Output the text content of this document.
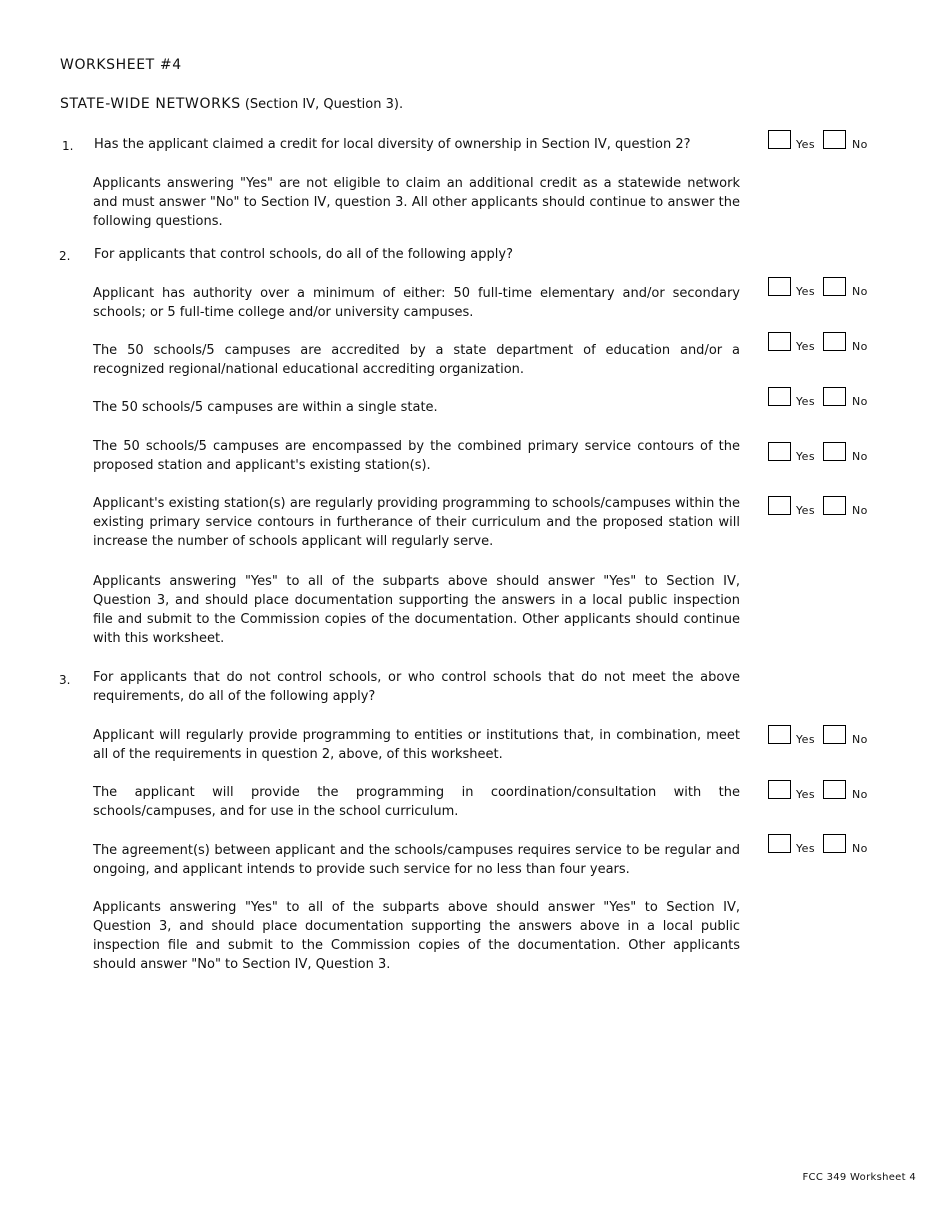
WORKSHEET #4
STATE-WIDE NETWORKS (Section IV, Question 3).
1.	Has the applicant claimed a credit for local diversity of ownership in Section IV, question 2?	Yes	No
Applicants answering "Yes" are not eligible to claim an additional credit as a statewide network and must answer "No" to Section IV, question 3. All other applicants should continue to answer the following questions.
2.	For applicants that control schools, do all of the following apply?
Applicant has authority over a minimum of either: 50 full-time elementary and/or secondary schools; or 5 full-time college and/or university campuses.
Yes	No
The 50 schools/5 campuses are accredited by a state department of education and/or a recognized regional/national educational accrediting organization.
Yes	No
The 50 schools/5 campuses are within a single state.	Yes	No
The 50 schools/5 campuses are encompassed by the combined primary service contours of the proposed station and applicant's existing station(s).
Yes	No
Applicant's existing station(s) are regularly providing programming to schools/campuses within the existing primary service contours in furtherance of their curriculum and the proposed station will increase the number of schools applicant will regularly serve.
Yes	No
Applicants answering "Yes" to all of the subparts above should answer "Yes" to Section IV, Question 3, and should place documentation supporting the answers in a local public inspection file and submit to the Commission copies of the documentation. Other applicants should continue with this worksheet.
3.	For applicants that do not control schools, or who control schools that do not meet the above requirements, do all of the following apply?
Applicant will regularly provide programming to entities or institutions that, in combination, meet all of the requirements in question 2, above, of this worksheet.
Yes	No
The applicant will provide the programming in coordination/consultation with the schools/campuses, and for use in the school curriculum.
Yes	No
The agreement(s) between applicant and the schools/campuses requires service to be regular and ongoing, and applicant intends to provide such service for no less than four years.
Yes	No
Applicants answering "Yes" to all of the subparts above should answer "Yes" to Section IV, Question 3, and should place documentation supporting the answers above in a local public inspection file and submit to the Commission copies of the documentation. Other applicants should answer "No" to Section IV, Question 3.
FCC 349 Worksheet 4
